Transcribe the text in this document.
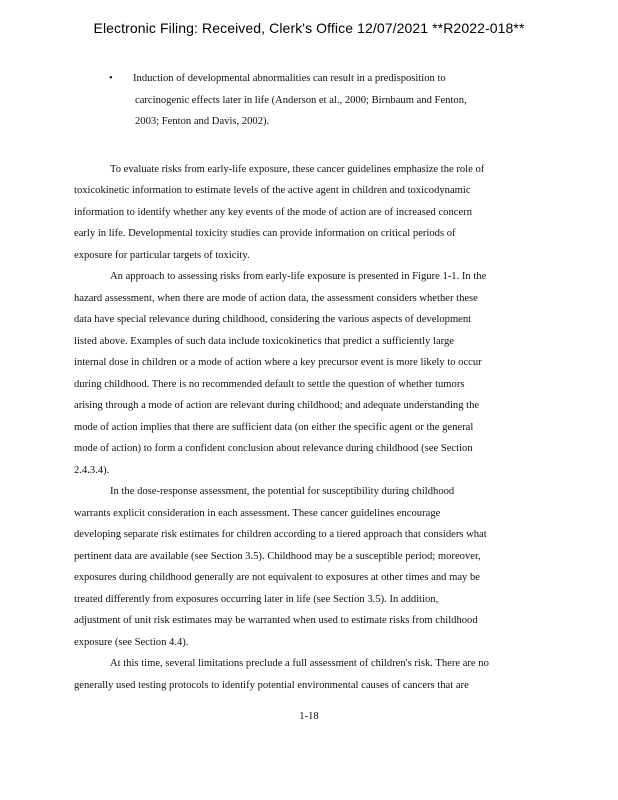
Electronic Filing: Received, Clerk's Office 12/07/2021 **R2022-018**
• Induction of developmental abnormalities can result in a predisposition to
carcinogenic effects later in life (Anderson et al., 2000; Birnbaum and Fenton,
2003; Fenton and Davis, 2002).
To evaluate risks from early-life exposure, these cancer guidelines emphasize the role of
toxicokinetic information to estimate levels of the active agent in children and toxicodynamic
information to identify whether any key events of the mode of action are of increased concern
early in life. Developmental toxicity studies can provide information on critical periods of
exposure for particular targets of toxicity.
An approach to assessing risks from early-life exposure is presented in Figure 1-1. In the
hazard assessment, when there are mode of action data, the assessment considers whether these
data have special relevance during childhood, considering the various aspects of development
listed above. Examples of such data include toxicokinetics that predict a sufficiently large
internal dose in children or a mode of action where a key precursor event is more likely to occur
during childhood. There is no recommended default to settle the question of whether tumors
arising through a mode of action are relevant during childhood; and adequate understanding the
mode of action implies that there are sufficient data (on either the specific agent or the general
mode of action) to form a confident conclusion about relevance during childhood (see Section
2.4.3.4).
In the dose-response assessment, the potential for susceptibility during childhood
warrants explicit consideration in each assessment. These cancer guidelines encourage
developing separate risk estimates for children according to a tiered approach that considers what
pertinent data are available (see Section 3.5). Childhood may be a susceptible period; moreover,
exposures during childhood generally are not equivalent to exposures at other times and may be
treated differently from exposures occurring later in life (see Section 3.5). In addition,
adjustment of unit risk estimates may be warranted when used to estimate risks from childhood
exposure (see Section 4.4).
At this time, several limitations preclude a full assessment of children's risk. There are no
generally used testing protocols to identify potential environmental causes of cancers that are
1-18
